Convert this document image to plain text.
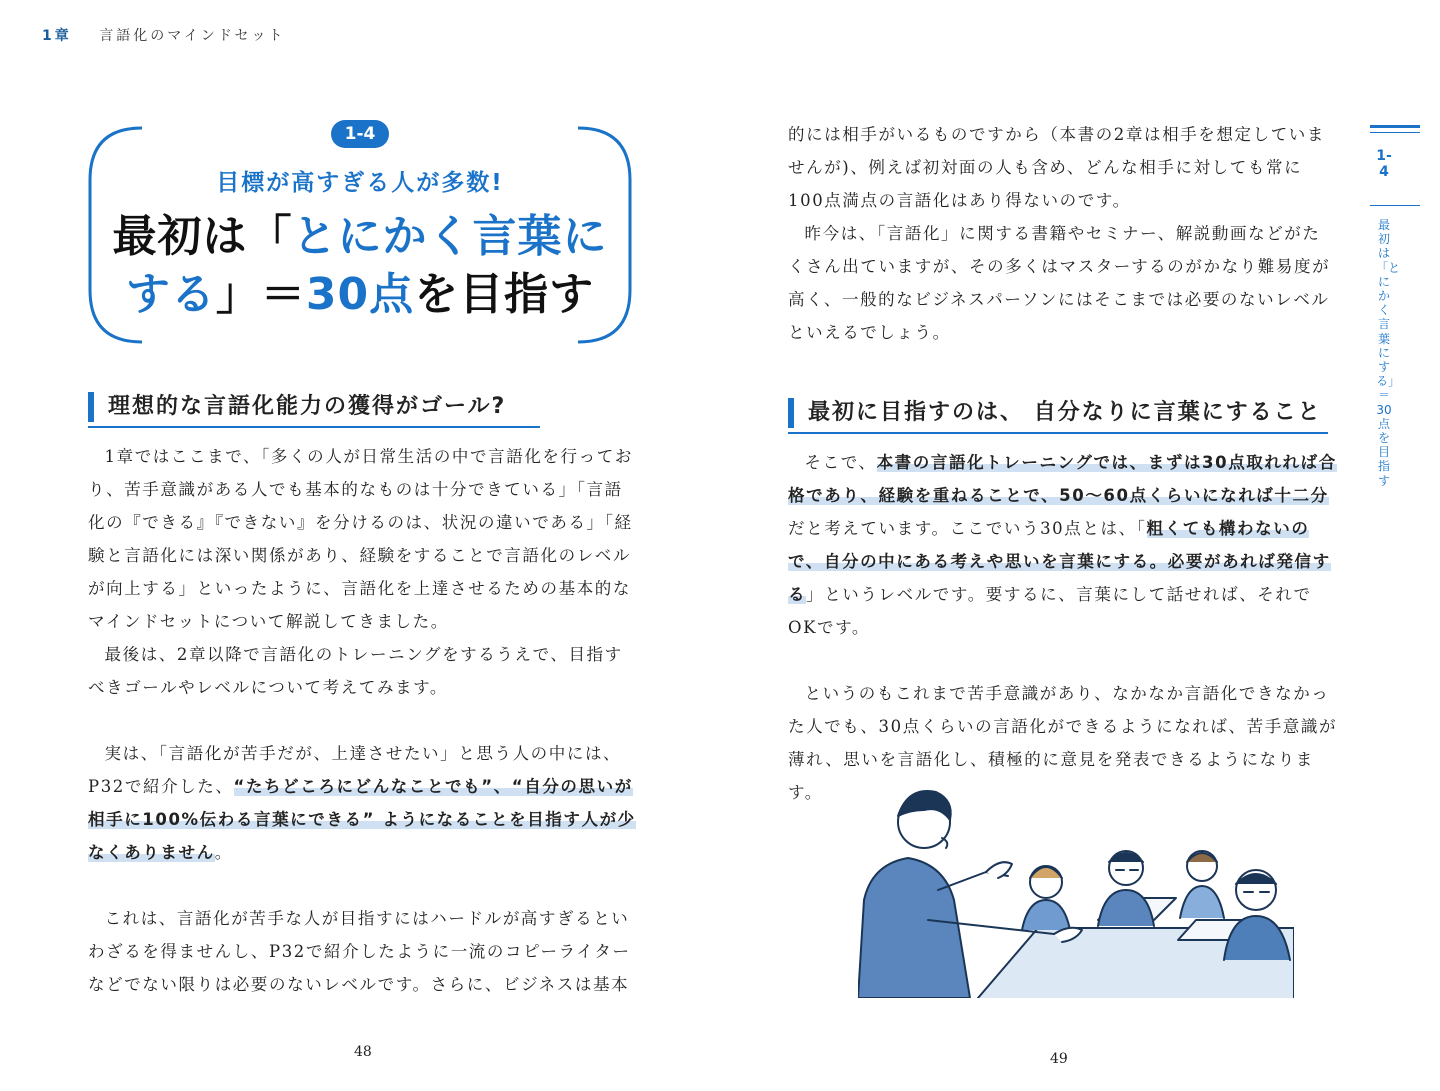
1章 言語化のマインドセット
1-4
目標が高すぎる人が多数!
最初は「とにかく言葉に
する」＝30点を目指す
理想的な言語化能力の獲得がゴール?

1章ではここまで、「多くの人が日常生活の中で言語化を行っており、苦手意識がある人でも基本的なものは十分できている」「言語化の『できる』『できない』を分けるのは、状況の違いである」「経験と言語化には深い関係があり、経験をすることで言語化のレベルが向上する」といったように、言語化を上達させるための基本的なマインドセットについて解説してきました。

最後は、2章以降で言語化のトレーニングをするうえで、目指すべきゴールやレベルについて考えてみます。

実は、「言語化が苦手だが、上達させたい」と思う人の中には、P32で紹介した、“たちどころにどんなことでも”、“自分の思いが相手に100%伝わる言葉にできる” ようになることを目指す人が少なくありません。

これは、言語化が苦手な人が目指すにはハードルが高すぎるといわざるを得ませんし、P32で紹介したように一流のコピーライターなどでない限りは必要のないレベルです。さらに、ビジネスは基本

48

的には相手がいるものですから（本書の2章は相手を想定していませんが)、例えば初対面の人も含め、どんな相手に対しても常に100点満点の言語化はあり得ないのです。

昨今は、「言語化」に関する書籍やセミナー、解説動画などがたくさん出ていますが、その多くはマスターするのがかなり難易度が高く、一般的なビジネスパーソンにはそこまでは必要のないレベルといえるでしょう。

最初に目指すのは、 自分なりに言葉にすること

そこで、本書の言語化トレーニングでは、まずは30点取れれば合格であり、経験を重ねることで、50〜60点くらいになれば十二分だと考えています。ここでいう30点とは、「粗くても構わないので、自分の中にある考えや思いを言葉にする。必要があれば発信する」というレベルです。要するに、言葉にして話せれば、それでOKです。

というのもこれまで苦手意識があり、なかなか言語化できなかった人でも、30点くらいの言語化ができるようになれば、苦手意識が薄れ、思いを言語化し、積極的に意見を発表できるようになります。

49
1-4
最初は「とにかく言葉にする」＝30点を目指す
